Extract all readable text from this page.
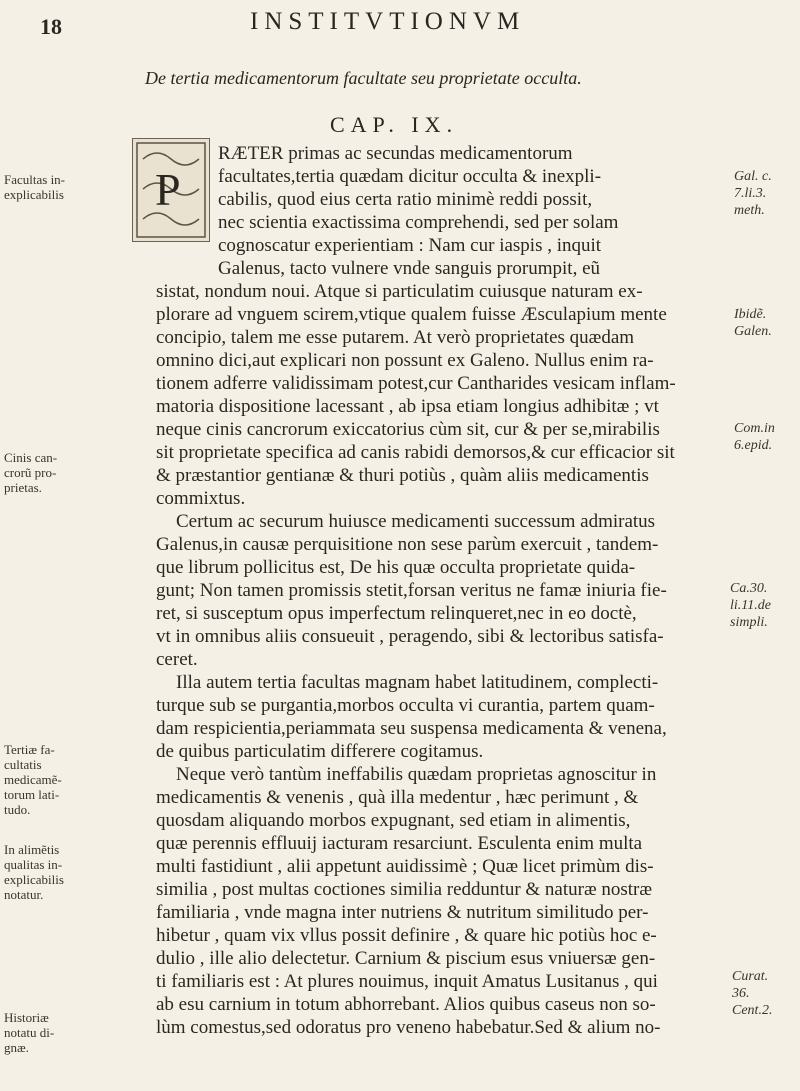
18	INSTITVTIONVM
De tertia medicamentorum facultate seu proprietate occulta.
CAP. IX.
P
Facultas in-
explicabilis
Cinis can-
crorũ pro-
prietas.
Tertiæ fa-
cultatis
medicamẽ-
torum lati-
tudo.
In alimẽtis
qualitas in-
explicabilis
notatur.
Historiæ
notatu di-
gnæ.
Gal. c.
7.li.3.
meth.
Ibidẽ.
Galen.
Com.in
6.epid.
Ca.30.
li.11.de
simpli.
Curat.
36.
Cent.2.
RÆTER primas ac secundas medicamentorum
facultates,tertia quædam dicitur occulta & inexpli-
cabilis, quod eius certa ratio minimè reddi possit,
nec scientia exactissima comprehendi, sed per solam
cognoscatur experientiam : Nam cur iaspis , inquit
Galenus, tacto vulnere vnde sanguis prorumpit, eũ
sistat, nondum noui. Atque si particulatim cuiusque naturam ex-
plorare ad vnguem scirem,vtique qualem fuisse Æsculapium mente
concipio, talem me esse putarem. At verò proprietates quædam
omnino dici,aut explicari non possunt ex Galeno. Nullus enim ra-
tionem adferre validissimam potest,cur Cantharides vesicam inflam-
matoria dispositione lacessant , ab ipsa etiam longius adhibitæ ; vt
neque cinis cancrorum exiccatorius cùm sit, cur & per se,mirabilis
sit proprietate specifica ad canis rabidi demorsos,& cur efficacior sit
& præstantior gentianæ & thuri potiùs , quàm aliis medicamentis
commixtus.
Certum ac securum huiusce medicamenti successum admiratus
Galenus,in causæ perquisitione non sese parùm exercuit , tandem-
que librum pollicitus est, De his quæ occulta proprietate quida-
gunt; Non tamen promissis stetit,forsan veritus ne famæ iniuria fie-
ret, si susceptum opus imperfectum relinqueret,nec in eo doctè,
vt in omnibus aliis consueuit , peragendo, sibi & lectoribus satisfa-
ceret.
Illa autem tertia facultas magnam habet latitudinem, complecti-
turque sub se purgantia,morbos occulta vi curantia, partem quam-
dam respicientia,periammata seu suspensa medicamenta & venena,
de quibus particulatim differere cogitamus.
Neque verò tantùm ineffabilis quædam proprietas agnoscitur in
medicamentis & venenis , quà illa medentur , hæc perimunt , &
quosdam aliquando morbos expugnant, sed etiam in alimentis,
quæ perennis effluuij iacturam resarciunt. Esculenta enim multa
multi fastidiunt , alii appetunt auidissimè ; Quæ licet primùm dis-
similia , post multas coctiones similia redduntur & naturæ nostræ
familiaria , vnde magna inter nutriens & nutritum similitudo per-
hibetur , quam vix vllus possit definire , & quare hic potiùs hoc e-
dulio , ille alio delectetur. Carnium & piscium esus vniuersæ gen-
ti familiaris est : At plures nouimus, inquit Amatus Lusitanus , qui
ab esu carnium in totum abhorrebant. Alios quibus caseus non so-
lùm comestus,sed odoratus pro veneno habebatur.Sed & alium no-
